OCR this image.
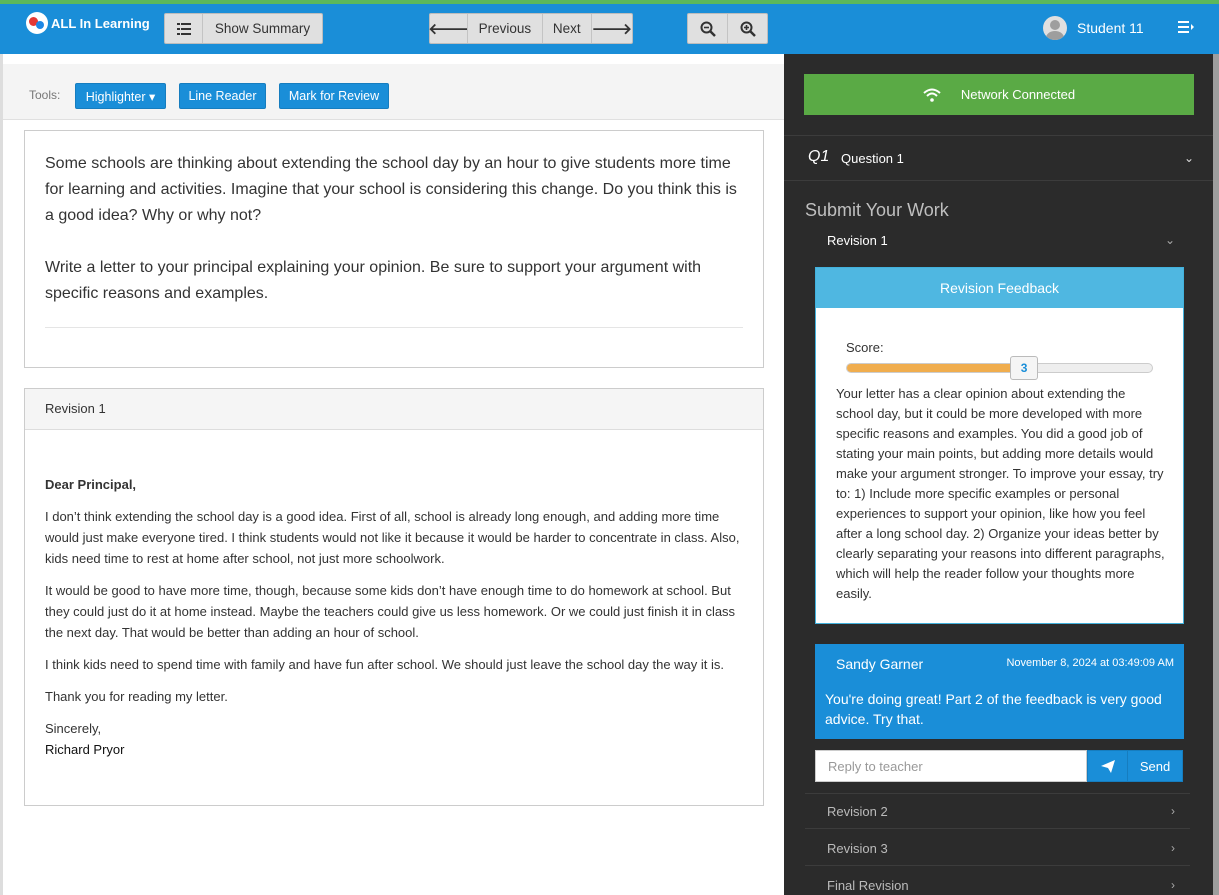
ALL In Learning	Show Summary	🡐 Previous	Next 🡒	Student 11
Tools:	Highlighter ▾	Line Reader	Mark for Review

Some schools are thinking about extending the school day by an hour to give students more time for learning and activities. Imagine that your school is considering this change. Do you think this is a good idea? Why or why not?

Write a letter to your principal explaining your opinion. Be sure to support your argument with specific reasons and examples.

Revision 1

Dear Principal,

I don’t think extending the school day is a good idea. First of all, school is already long enough, and adding more time would just make everyone tired. I think students would not like it because it would be harder to concentrate in class. Also, kids need time to rest at home after school, not just more schoolwork.

It would be good to have more time, though, because some kids don’t have enough time to do homework at school. But they could just do it at home instead. Maybe the teachers could give us less homework. Or we could just finish it in class the next day. That would be better than adding an hour of school.

I think kids need to spend time with family and have fun after school. We should just leave the school day the way it is.

Thank you for reading my letter.

Sincerely,

Richard Pryor
Network Connected
Q1 Question 1	⌄
Submit Your Work
Revision 1	⌄
Revision Feedback
Score:
3
Your letter has a clear opinion about extending the school day, but it could be more developed with more specific reasons and examples. You did a good job of stating your main points, but adding more details would make your argument stronger. To improve your essay, try to: 1) Include more specific examples or personal experiences to support your opinion, like how you feel after a long school day. 2) Organize your ideas better by clearly separating your reasons into different paragraphs, which will help the reader follow your thoughts more easily.
Sandy Garner	November 8, 2024 at 03:49:09 AM
You're doing great! Part 2 of the feedback is very good advice. Try that.
Reply to teacher
Send
Revision 2	›
Revision 3	›
Final Revision	›
